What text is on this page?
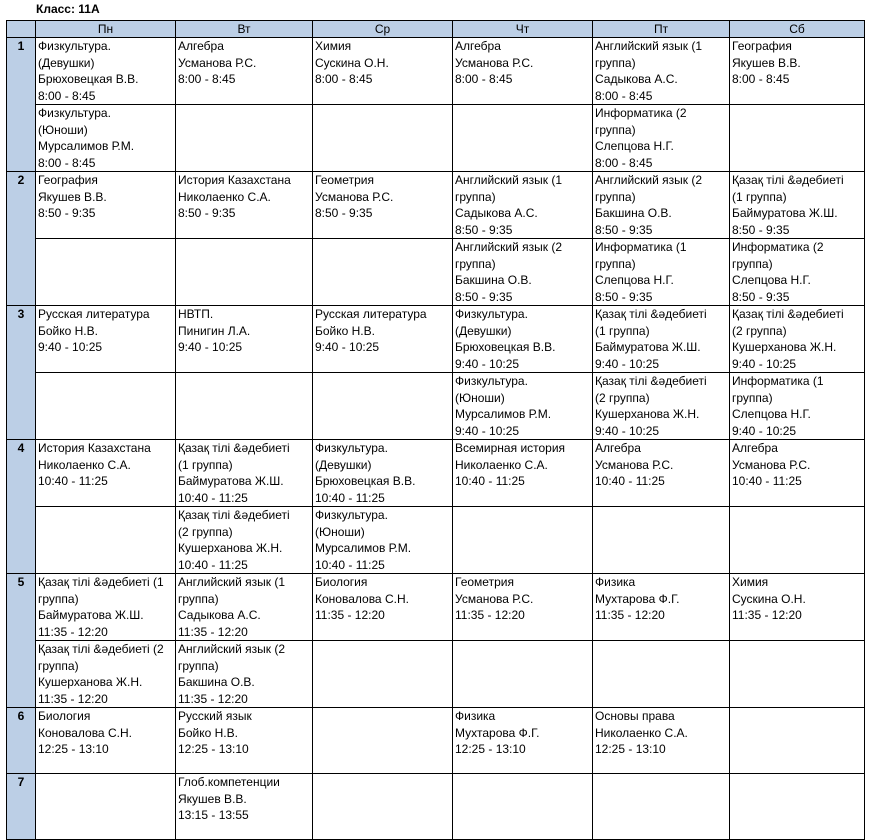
Класс: 11А
	Пн	Вт	Ср	Чт	Пт	Сб
1	Физкультура.
(Девушки)
Брюховецкая В.В.
8:00 - 8:45	Алгебра
Усманова Р.С.
8:00 - 8:45	Химия
Сускина О.Н.
8:00 - 8:45	Алгебра
Усманова Р.С.
8:00 - 8:45	Английский язык (1
группа)
Садыкова А.С.
8:00 - 8:45	География
Якушев В.В.
8:00 - 8:45

	Физкультура.
(Юноши)
Мурсалимов Р.М.
8:00 - 8:45				Информатика (2
группа)
Слепцова Н.Г.
8:00 - 8:45	

2	География
Якушев В.В.
8:50 - 9:35	История Казахстана
Николаенко С.А.
8:50 - 9:35	Геометрия
Усманова Р.С.
8:50 - 9:35	Английский язык (1
группа)
Садыкова А.С.
8:50 - 9:35	Английский язык (2
группа)
Бакшина О.В.
8:50 - 9:35	Қазақ тілі &әдебиеті
(1 группа)
Баймуратова Ж.Ш.
8:50 - 9:35

				Английский язык (2
группа)
Бакшина О.В.
8:50 - 9:35	Информатика (1
группа)
Слепцова Н.Г.
8:50 - 9:35	Информатика (2
группа)
Слепцова Н.Г.
8:50 - 9:35

3	Русская литература
Бойко Н.В.
9:40 - 10:25	НВТП.
Пинигин Л.А.
9:40 - 10:25	Русская литература
Бойко Н.В.
9:40 - 10:25	Физкультура.
(Девушки)
Брюховецкая В.В.
9:40 - 10:25	Қазақ тілі &әдебиеті
(1 группа)
Баймуратова Ж.Ш.
9:40 - 10:25	Қазақ тілі &әдебиеті
(2 группа)
Кушерханова Ж.Н.
9:40 - 10:25

				Физкультура.
(Юноши)
Мурсалимов Р.М.
9:40 - 10:25	Қазақ тілі &әдебиеті
(2 группа)
Кушерханова Ж.Н.
9:40 - 10:25	Информатика (1
группа)
Слепцова Н.Г.
9:40 - 10:25

4	История Казахстана
Николаенко С.А.
10:40 - 11:25	Қазақ тілі &әдебиеті
(1 группа)
Баймуратова Ж.Ш.
10:40 - 11:25	Физкультура.
(Девушки)
Брюховецкая В.В.
10:40 - 11:25	Всемирная история
Николаенко С.А.
10:40 - 11:25	Алгебра
Усманова Р.С.
10:40 - 11:25	Алгебра
Усманова Р.С.
10:40 - 11:25

		Қазақ тілі &әдебиеті
(2 группа)
Кушерханова Ж.Н.
10:40 - 11:25	Физкультура.
(Юноши)
Мурсалимов Р.М.
10:40 - 11:25			

5	Қазақ тілі &әдебиеті (1
группа)
Баймуратова Ж.Ш.
11:35 - 12:20	Английский язык (1
группа)
Садыкова А.С.
11:35 - 12:20	Биология
Коновалова С.Н.
11:35 - 12:20	Геометрия
Усманова Р.С.
11:35 - 12:20	Физика
Мухтарова Ф.Г.
11:35 - 12:20	Химия
Сускина О.Н.
11:35 - 12:20

	Қазақ тілі &әдебиеті (2
группа)
Кушерханова Ж.Н.
11:35 - 12:20	Английский язык (2
группа)
Бакшина О.В.
11:35 - 12:20				

6	Биология
Коновалова С.Н.
12:25 - 13:10	Русский язык
Бойко Н.В.
12:25 - 13:10		Физика
Мухтарова Ф.Г.
12:25 - 13:10	Основы права
Николаенко С.А.
12:25 - 13:10	

7		Глоб.компетенции
Якушев В.В.
13:15 - 13:55				
